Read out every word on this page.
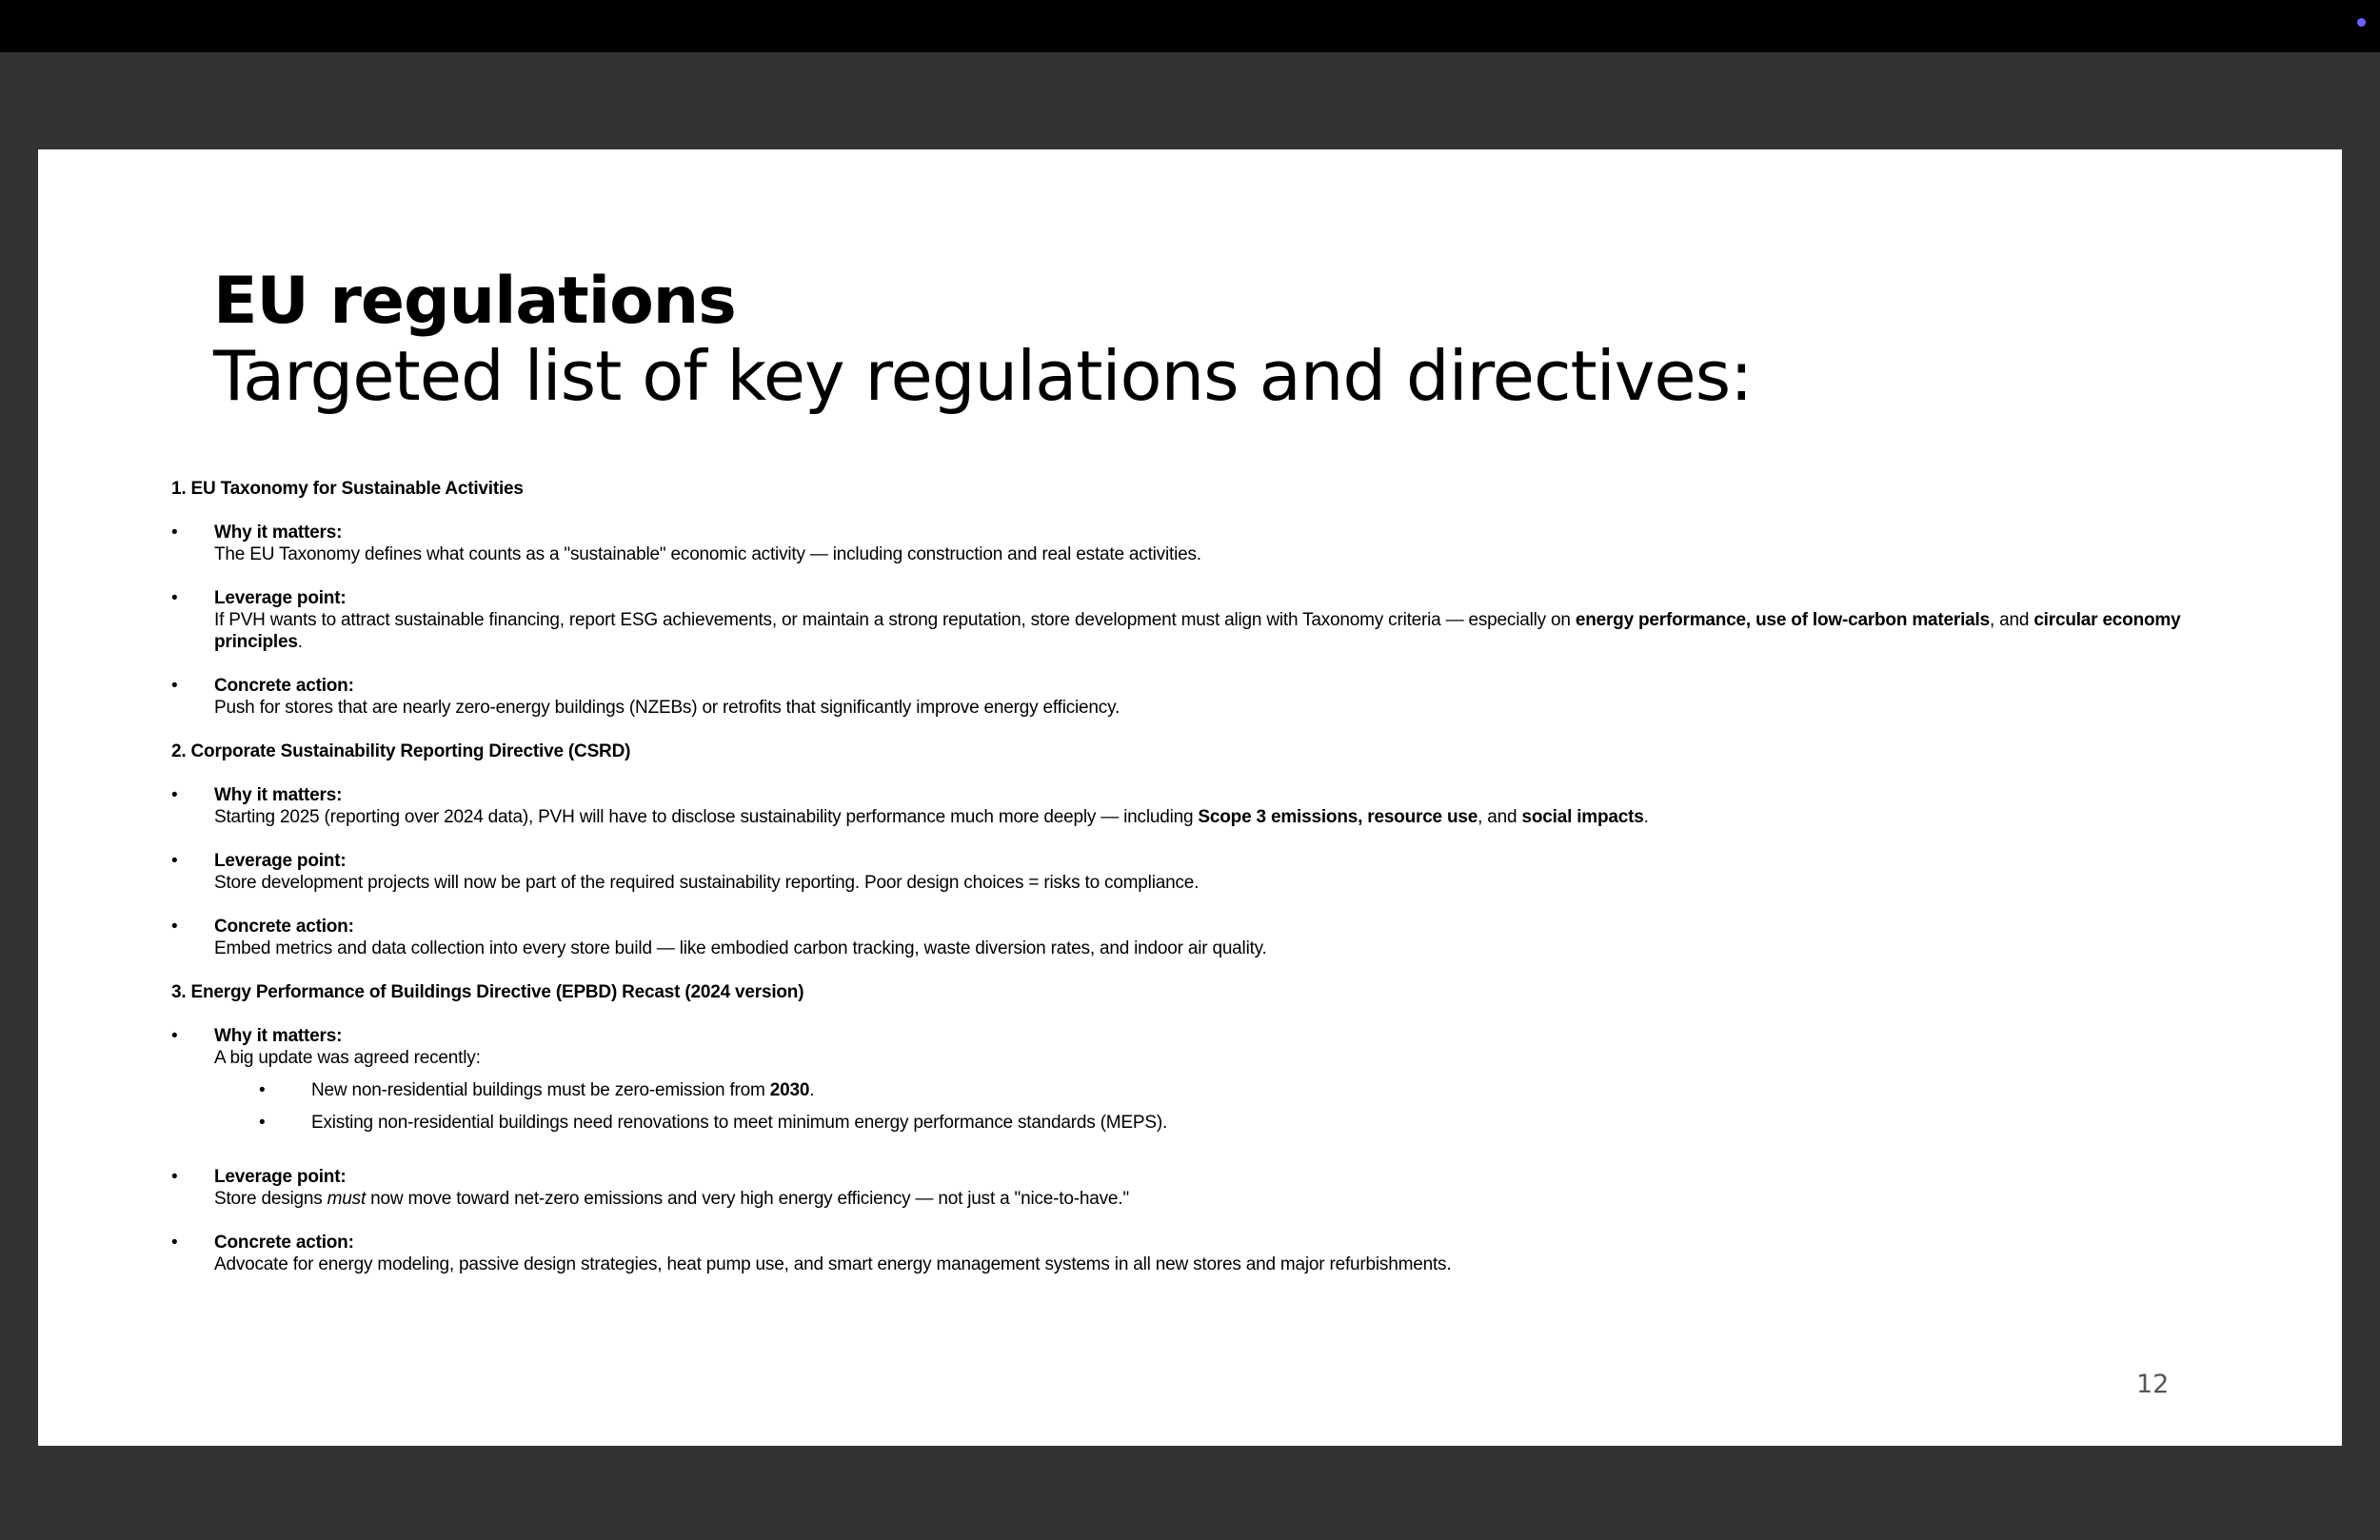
EU regulations
Targeted list of key regulations and directives:
1. EU Taxonomy for Sustainable Activities
• Why it matters:
The EU Taxonomy defines what counts as a "sustainable" economic activity — including construction and real estate activities.
• Leverage point:
If PVH wants to attract sustainable financing, report ESG achievements, or maintain a strong reputation, store development must align with Taxonomy criteria — especially on energy performance, use of low-carbon materials, and circular economy principles.
• Concrete action:
Push for stores that are nearly zero-energy buildings (NZEBs) or retrofits that significantly improve energy efficiency.
2. Corporate Sustainability Reporting Directive (CSRD)
• Why it matters:
Starting 2025 (reporting over 2024 data), PVH will have to disclose sustainability performance much more deeply — including Scope 3 emissions, resource use, and social impacts.
• Leverage point:
Store development projects will now be part of the required sustainability reporting. Poor design choices = risks to compliance.
• Concrete action:
Embed metrics and data collection into every store build — like embodied carbon tracking, waste diversion rates, and indoor air quality.
3. Energy Performance of Buildings Directive (EPBD) Recast (2024 version)
• Why it matters:
A big update was agreed recently:
•	New non-residential buildings must be zero-emission from 2030.
•	Existing non-residential buildings need renovations to meet minimum energy performance standards (MEPS).
• Leverage point:
Store designs must now move toward net-zero emissions and very high energy efficiency — not just a "nice-to-have."
• Concrete action:
Advocate for energy modeling, passive design strategies, heat pump use, and smart energy management systems in all new stores and major refurbishments.
12
